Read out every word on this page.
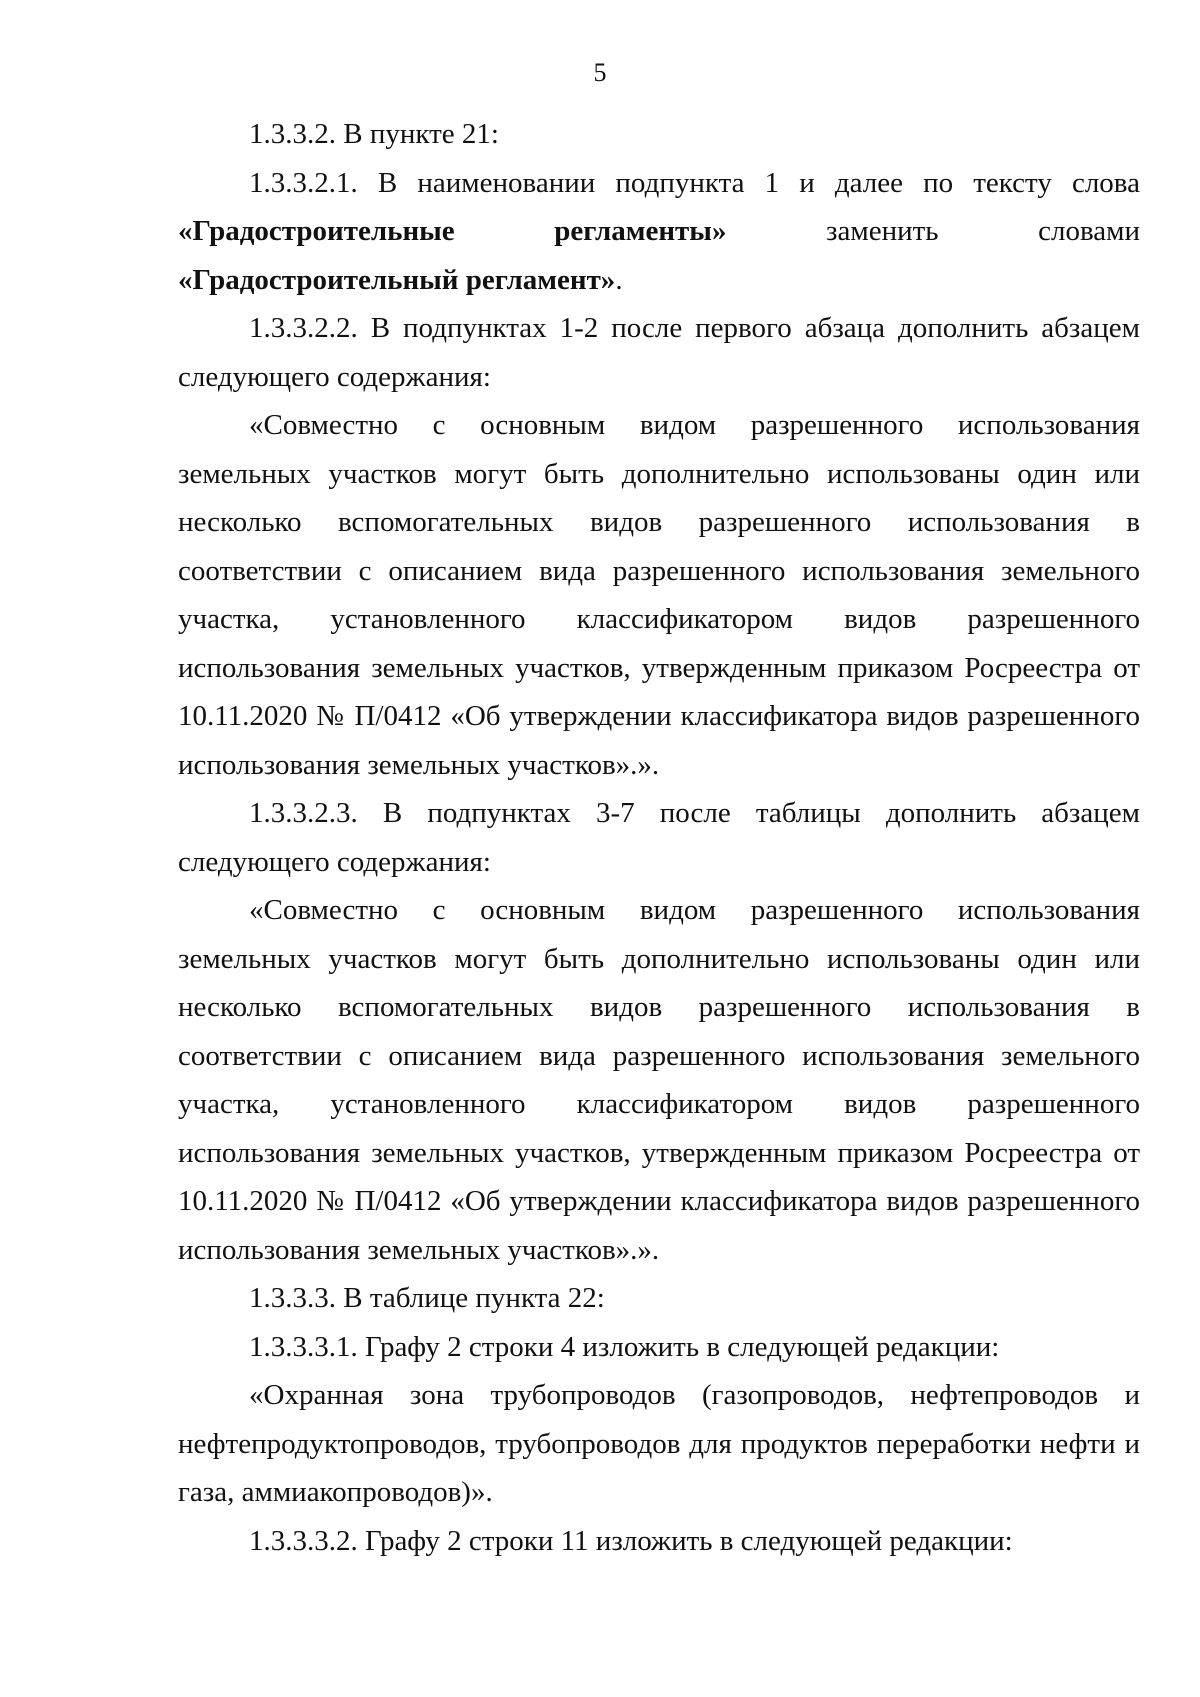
5

1.3.3.2. В пункте 21:

1.3.3.2.1. В наименовании подпункта 1 и далее по тексту слова «Градостроительные регламенты» заменить словами «Градостроительный регламент».

1.3.3.2.2. В подпунктах 1-2 после первого абзаца дополнить абзацем следующего содержания:

«Совместно с основным видом разрешенного использования земельных участков могут быть дополнительно использованы один или несколько вспомогательных видов разрешенного использования в соответствии с описанием вида разрешенного использования земельного участка, установленного классификатором видов разрешенного использования земельных участков, утвержденным приказом Росреестра от 10.11.2020 № П/0412 «Об утверждении классификатора видов разрешенного использования земельных участков».».

1.3.3.2.3. В подпунктах 3-7 после таблицы дополнить абзацем следующего содержания:

«Совместно с основным видом разрешенного использования земельных участков могут быть дополнительно использованы один или несколько вспомогательных видов разрешенного использования в соответствии с описанием вида разрешенного использования земельного участка, установленного классификатором видов разрешенного использования земельных участков, утвержденным приказом Росреестра от 10.11.2020 № П/0412 «Об утверждении классификатора видов разрешенного использования земельных участков».».

1.3.3.3. В таблице пункта 22:

1.3.3.3.1. Графу 2 строки 4 изложить в следующей редакции:

«Охранная зона трубопроводов (газопроводов, нефтепроводов и нефтепродуктопроводов, трубопроводов для продуктов переработки нефти и газа, аммиакопроводов)».

1.3.3.3.2. Графу 2 строки 11 изложить в следующей редакции:
